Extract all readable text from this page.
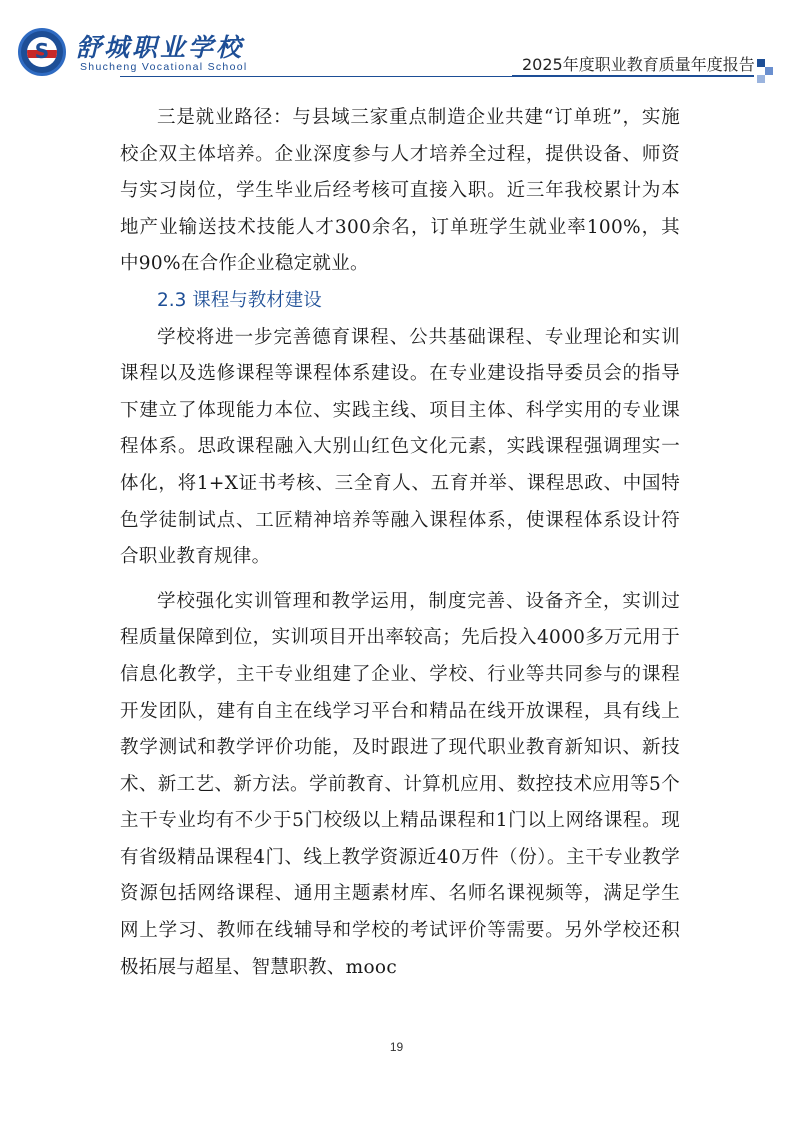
S	舒城职业学校
Shucheng Vocational School	2025年度职业教育质量年度报告

三是就业路径：与县域三家重点制造企业共建“订单班”，实施校企双主体培养。企业深度参与人才培养全过程，提供设备、师资与实习岗位，学生毕业后经考核可直接入职。近三年我校累计为本地产业输送技术技能人才300余名，订单班学生就业率100%，其中90%在合作企业稳定就业。

2.3 课程与教材建设

学校将进一步完善德育课程、公共基础课程、专业理论和实训课程以及选修课程等课程体系建设。在专业建设指导委员会的指导下建立了体现能力本位、实践主线、项目主体、科学实用的专业课程体系。思政课程融入大别山红色文化元素，实践课程强调理实一体化，将1+X证书考核、三全育人、五育并举、课程思政、中国特色学徒制试点、工匠精神培养等融入课程体系，使课程体系设计符合职业教育规律。

学校强化实训管理和教学运用，制度完善、设备齐全，实训过程质量保障到位，实训项目开出率较高；先后投入4000多万元用于信息化教学，主干专业组建了企业、学校、行业等共同参与的课程开发团队，建有自主在线学习平台和精品在线开放课程，具有线上教学测试和教学评价功能，及时跟进了现代职业教育新知识、新技术、新工艺、新方法。学前教育、计算机应用、数控技术应用等5个主干专业均有不少于5门校级以上精品课程和1门以上网络课程。现有省级精品课程4门、线上教学资源近40万件（份）。主干专业教学资源包括网络课程、通用主题素材库、名师名课视频等，满足学生网上学习、教师在线辅导和学校的考试评价等需要。另外学校还积极拓展与超星、智慧职教、mooc

19
